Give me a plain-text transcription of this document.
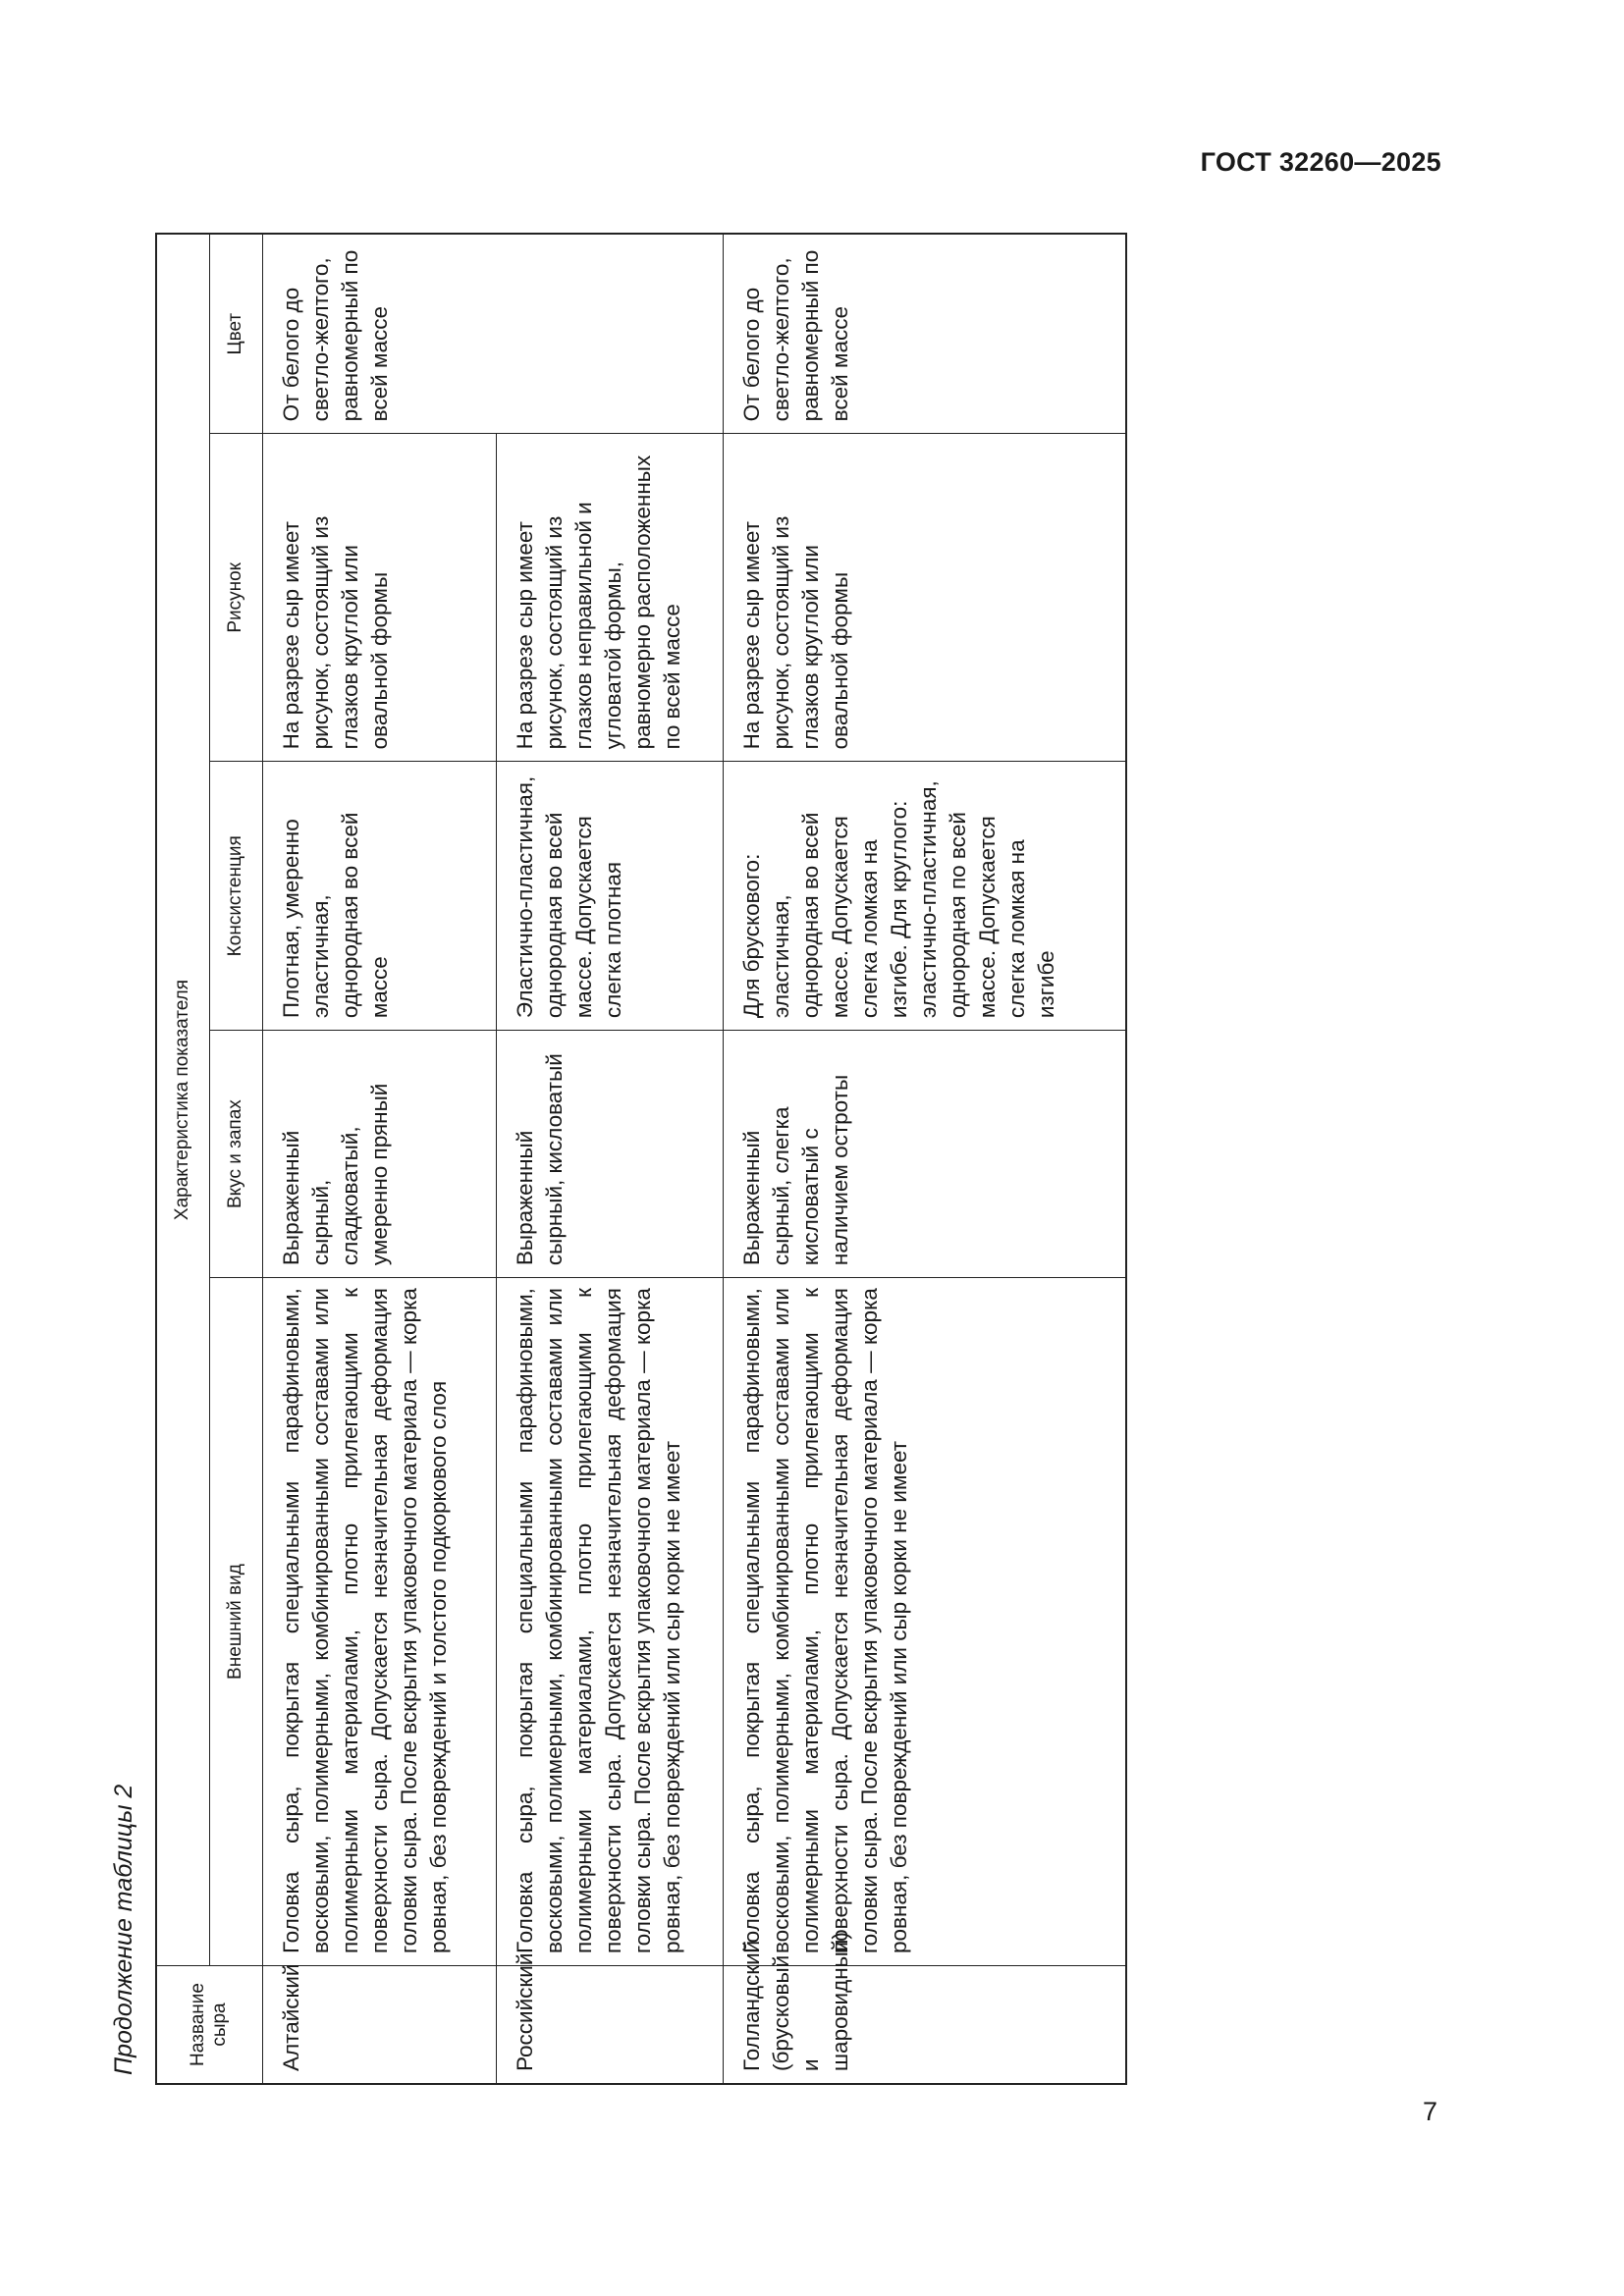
ГОСТ 32260—2025
7
Продолжение таблицы 2	Название сыра	Характеристика показателя				
	Внешний вид	Вкус и запах	Консистенция	Рисунок	Цвет
Алтайский	Головка сыра, покрытая специальными парафиновыми, восковыми, полимерными, комбинированными составами или полимерными материалами, плотно прилегающими к поверхности сыра. Допускается незначительная деформация головки сыра. После вскрытия упаковочного материала — корка ровная, без повреждений и толстого подкоркового слоя	Выраженный сырный, сладковатый, умеренно пряный	Плотная, умеренно эластичная, однородная во всей массе	На разрезе сыр имеет рисунок, состоящий из глазков круглой или овальной формы	От белого до светло-желтого, равномерный по всей массе
Российский	Головка сыра, покрытая специальными парафиновыми, восковыми, полимерными, комбинированными составами или полимерными материалами, плотно прилегающими к поверхности сыра. Допускается незначительная деформация головки сыра. После вскрытия упаковочного материала — корка ровная, без повреждений или сыр корки не имеет	Выраженный сырный, кисловатый	Эластично-пластичная, однородная во всей массе. Допускается слегка плотная	На разрезе сыр имеет рисунок, состоящий из глазков неправильной и угловатой формы, равномерно расположенных по всей массе	
Голландский (брусковый и шаровидный)	Головка сыра, покрытая специальными парафиновыми, восковыми, полимерными, комбинированными составами или полимерными материалами, плотно прилегающими к поверхности сыра. Допускается незначительная деформация головки сыра. После вскрытия упаковочного материала — корка ровная, без повреждений или сыр корки не имеет	Выраженный сырный, слегка кисловатый с наличием остроты	Для брускового: эластичная, однородная во всей массе. Допускается слегка ломкая на изгибе. Для круглого: эластично-пластичная, однородная по всей массе. Допускается слегка ломкая на изгибе	На разрезе сыр имеет рисунок, состоящий из глазков круглой или овальной формы	От белого до светло-желтого, равномерный по всей массе
